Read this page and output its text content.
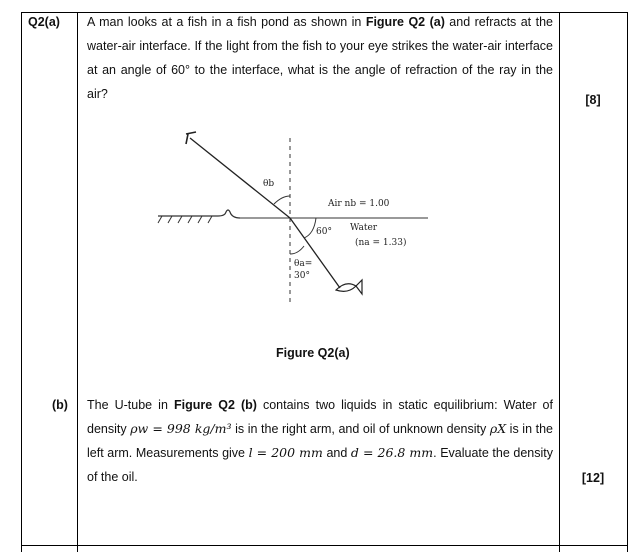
Q2(a) A man looks at a fish in a fish pond as shown in Figure Q2 (a) and refracts at the water-air interface. If the light from the fish to your eye strikes the water-air interface at an angle of 60° to the interface, what is the angle of refraction of the ray in the air?	[8]
θb
Air nb = 1.00
60° Water
(na = 1.33)
θa=
30°
Figure Q2(a)
(b) The U-tube in Figure Q2 (b) contains two liquids in static equilibrium: Water of density ρw = 998 kg/m³ is in the right arm, and oil of unknown density ρX is in the left arm. Measurements give l = 200 mm and d = 26.8 mm. Evaluate the density of the oil.	[12]
